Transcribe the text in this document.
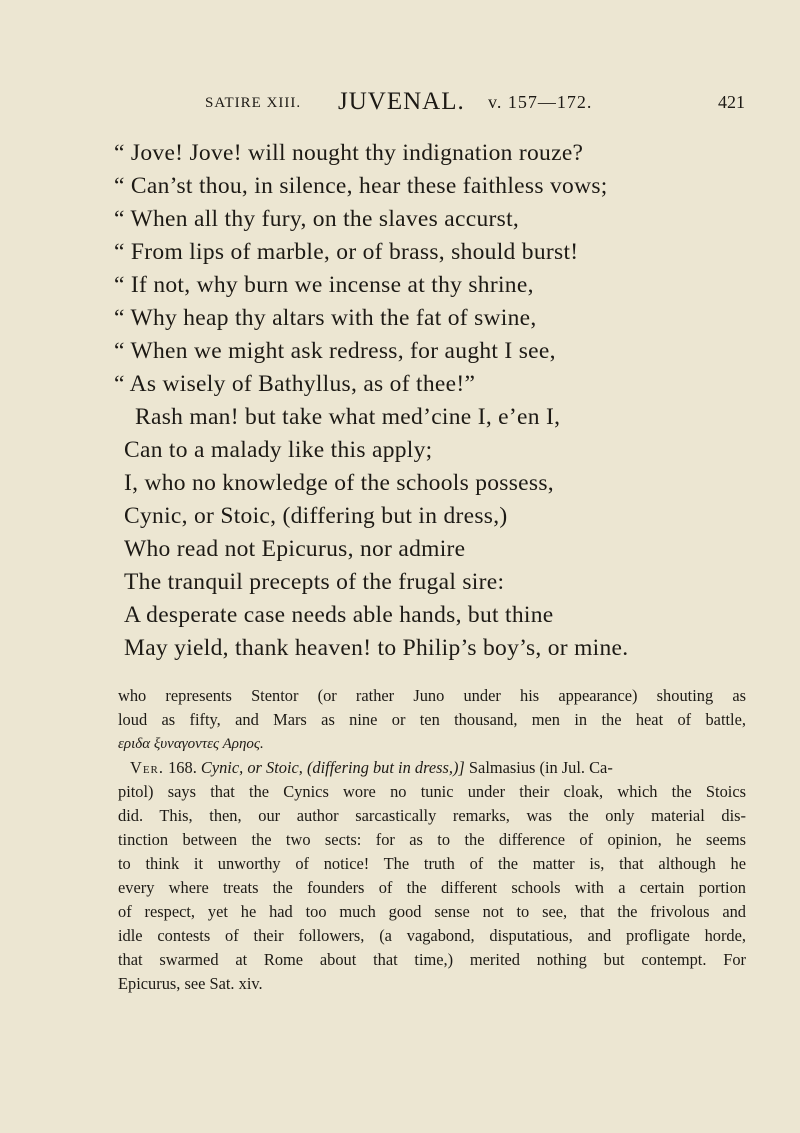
SATIRE XIII. JUVENAL. v. 157—172.	421
“ Jove! Jove! will nought thy indignation rouze?
“ Can’st thou, in silence, hear these faithless vows;
“ When all thy fury, on the slaves accurst,
“ From lips of marble, or of brass, should burst!
“ If not, why burn we incense at thy shrine,
“ Why heap thy altars with the fat of swine,
“ When we might ask redress, for aught I see,
“ As wisely of Bathyllus, as of thee!”
Rash man! but take what med’cine I, e’en I,
Can to a malady like this apply;
I, who no knowledge of the schools possess,
Cynic, or Stoic, (differing but in dress,)
Who read not Epicurus, nor admire
The tranquil precepts of the frugal sire:
A desperate case needs able hands, but thine
May yield, thank heaven! to Philip’s boy’s, or mine.
who represents Stentor (or rather Juno under his appearance) shouting as
loud as fifty, and Mars as nine or ten thousand, men in the heat of battle,
εριδα ξυναγοντες Αρηος.
Ver. 168. Cynic, or Stoic, (differing but in dress,)] Salmasius (in Jul. Ca-
pitol) says that the Cynics wore no tunic under their cloak, which the Stoics
did. This, then, our author sarcastically remarks, was the only material dis-
tinction between the two sects: for as to the difference of opinion, he seems
to think it unworthy of notice! The truth of the matter is, that although he
every where treats the founders of the different schools with a certain portion
of respect, yet he had too much good sense not to see, that the frivolous and
idle contests of their followers, (a vagabond, disputatious, and profligate horde,
that swarmed at Rome about that time,) merited nothing but contempt. For
Epicurus, see Sat. xiv.
